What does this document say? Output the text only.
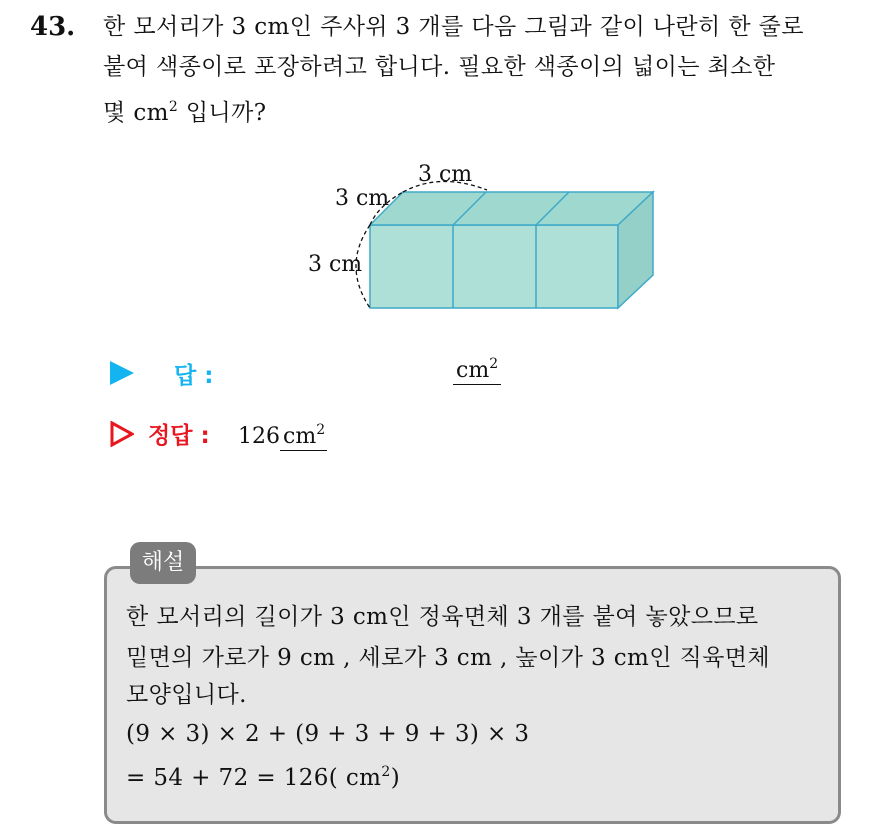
43. 한 모서리가 3 cm인 주사위 3 개를 다음 그림과 같이 나란히 한 줄로
붙여 색종이로 포장하려고 합니다. 필요한 색종이의 넓이는 최소한
몇 $cm^2$ 입니까?
3 cm
3 cm
3 cm
답 :	$cm^2$
정답 : 126 $cm^2$
해설
한 모서리의 길이가 3 cm인 정육면체 3 개를 붙여 놓았으므로
밑면의 가로가 9 cm , 세로가 3 cm , 높이가 3 cm인 직육면체
모양입니다.
(9 × 3) × 2 + (9 + 3 + 9 + 3) × 3
= 54 + 72 = 126( $cm^2$)
